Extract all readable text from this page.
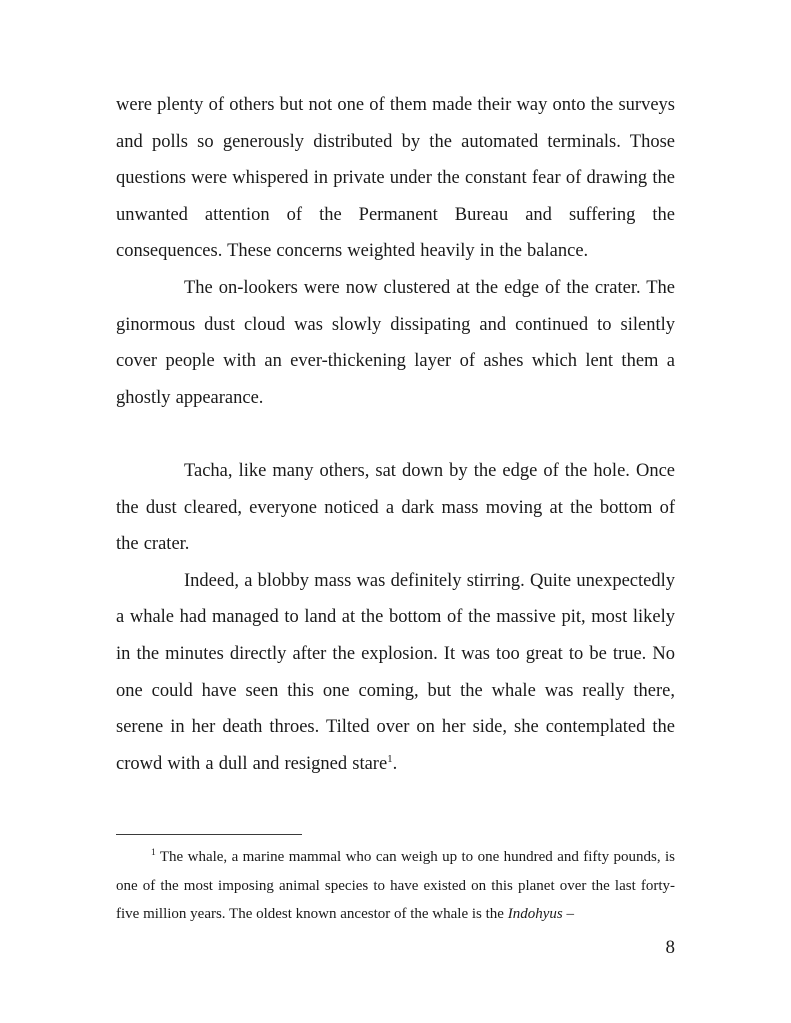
were plenty of others but not one of them made their way onto the surveys and polls so generously distributed by the automated terminals. Those questions were whispered in private under the constant fear of drawing the unwanted attention of the Permanent Bureau and suffering the consequences. These concerns weighted heavily in the balance.

The on-lookers were now clustered at the edge of the crater. The ginormous dust cloud was slowly dissipating and continued to silently cover people with an ever-thickening layer of ashes which lent them a ghostly appearance.

Tacha, like many others, sat down by the edge of the hole. Once the dust cleared, everyone noticed a dark mass moving at the bottom of the crater.

Indeed, a blobby mass was definitely stirring. Quite unexpectedly a whale had managed to land at the bottom of the massive pit, most likely in the minutes directly after the explosion. It was too great to be true. No one could have seen this one coming, but the whale was really there, serene in her death throes. Tilted over on her side, she contemplated the crowd with a dull and resigned stare$^1$.

$^1$ The whale, a marine mammal who can weigh up to one hundred and fifty pounds, is one of the most imposing animal species to have existed on this planet over the last forty-five million years. The oldest known ancestor of the whale is the Indohyus –
8
